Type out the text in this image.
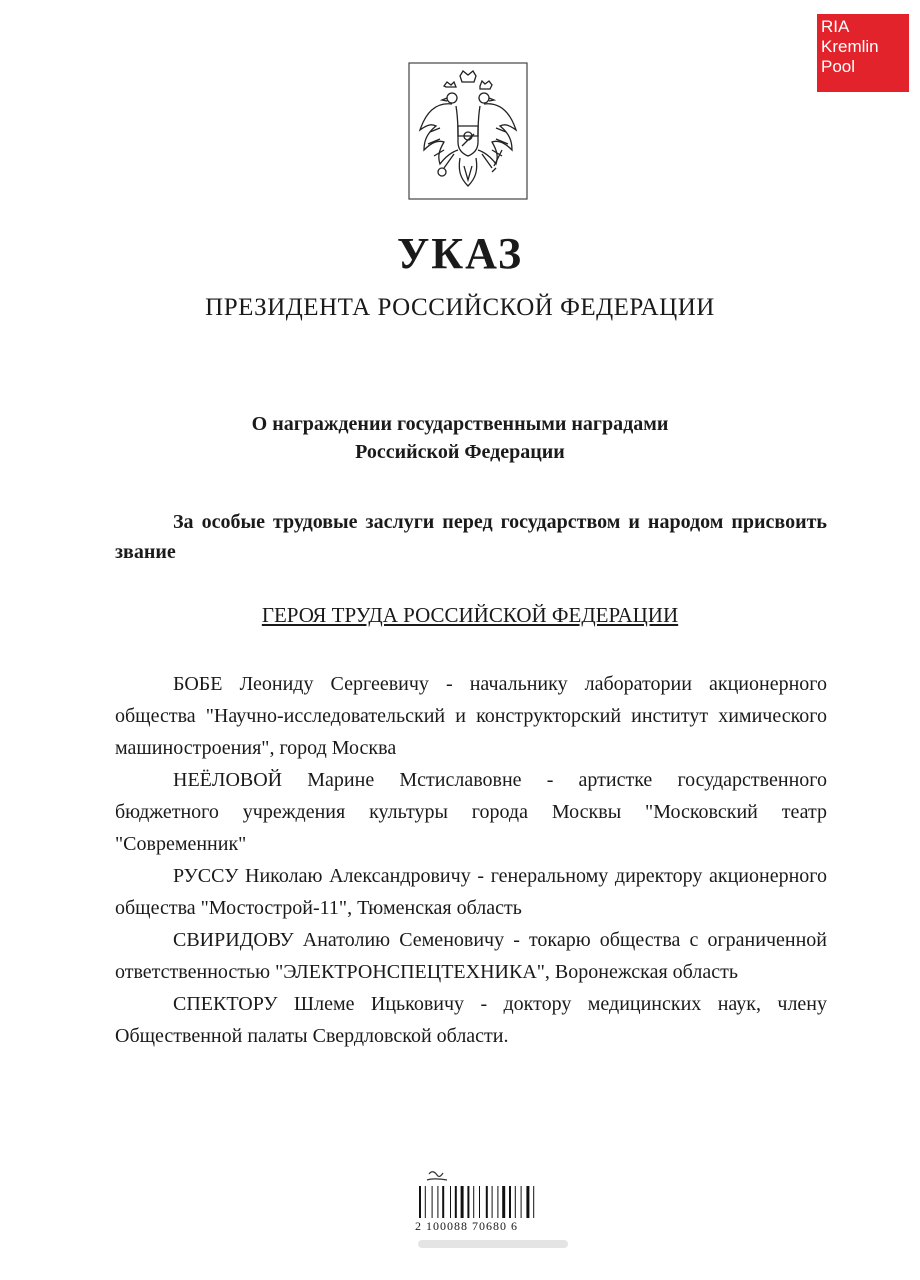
RIA
Kremlin
Pool
УКАЗ
ПРЕЗИДЕНТА РОССИЙСКОЙ ФЕДЕРАЦИИ
О награждении государственными наградами
Российской Федерации
За особые трудовые заслуги перед государством и народом присвоить звание
ГЕРОЯ ТРУДА РОССИЙСКОЙ ФЕДЕРАЦИИ

БОБЕ Леониду Сергеевичу - начальнику лаборатории акционерного общества "Научно-исследовательский и конструкторский институт химического машиностроения", город Москва

НЕЁЛОВОЙ Марине Мстиславовне - артистке государственного бюджетного учреждения культуры города Москвы "Московский театр "Современник"

РУССУ Николаю Александровичу - генеральному директору акционерного общества "Мостострой-11", Тюменская область

СВИРИДОВУ Анатолию Семеновичу - токарю общества с ограниченной ответственностью "ЭЛЕКТРОНСПЕЦТЕХНИКА", Воронежская область

СПЕКТОРУ Шлеме Ицьковичу - доктору медицинских наук, члену Общественной палаты Свердловской области.

2 100088 70680 6
